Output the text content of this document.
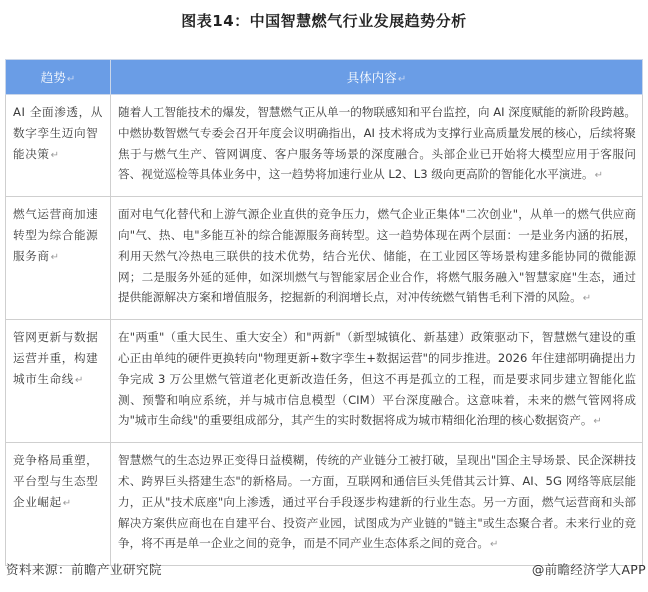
图表14：中国智慧燃气行业发展趋势分析
趋势↵	具体内容↵
AI 全面渗透，从数字孪生迈向智能决策↵	随着人工智能技术的爆发，智慧燃气正从单一的物联感知和平台监控，向 AI 深度赋能的新阶段跨越。中燃协数智燃气专委会召开年度会议明确指出，AI 技术将成为支撑行业高质量发展的核心，后续将聚焦于与燃气生产、管网调度、客户服务等场景的深度融合。头部企业已开始将大模型应用于客服问答、视觉巡检等具体业务中，这一趋势将加速行业从 L2、L3 级向更高阶的智能化水平演进。↵
燃气运营商加速转型为综合能源服务商↵	面对电气化替代和上游气源企业直供的竞争压力，燃气企业正集体"二次创业"，从单一的燃气供应商向"气、热、电"多能互补的综合能源服务商转型。这一趋势体现在两个层面：一是业务内涵的拓展，利用天然气冷热电三联供的技术优势，结合光伏、储能，在工业园区等场景构建多能协同的微能源网；二是服务外延的延伸，如深圳燃气与智能家居企业合作，将燃气服务融入"智慧家庭"生态，通过提供能源解决方案和增值服务，挖掘新的利润增长点，对冲传统燃气销售毛利下滑的风险。↵
管网更新与数据运营并重，构建城市生命线↵	在"两重"（重大民生、重大安全）和"两新"（新型城镇化、新基建）政策驱动下，智慧燃气建设的重心正由单纯的硬件更换转向"物理更新+数字孪生+数据运营"的同步推进。2026 年住建部明确提出力争完成 3 万公里燃气管道老化更新改造任务，但这不再是孤立的工程，而是要求同步建立智能化监测、预警和响应系统，并与城市信息模型（CIM）平台深度融合。这意味着，未来的燃气管网将成为"城市生命线"的重要组成部分，其产生的实时数据将成为城市精细化治理的核心数据资产。↵
竞争格局重塑，平台型与生态型企业崛起↵	智慧燃气的生态边界正变得日益模糊，传统的产业链分工被打破，呈现出"国企主导场景、民企深耕技术、跨界巨头搭建生态"的新格局。一方面，互联网和通信巨头凭借其云计算、AI、5G 网络等底层能力，正从"技术底座"向上渗透，通过平台手段逐步构建新的行业生态。另一方面，燃气运营商和头部解决方案供应商也在自建平台、投资产业园，试图成为产业链的"链主"或生态聚合者。未来行业的竞争，将不再是单一企业之间的竞争，而是不同产业生态体系之间的竞合。↵
资料来源：前瞻产业研究院	@前瞻经济学人APP
